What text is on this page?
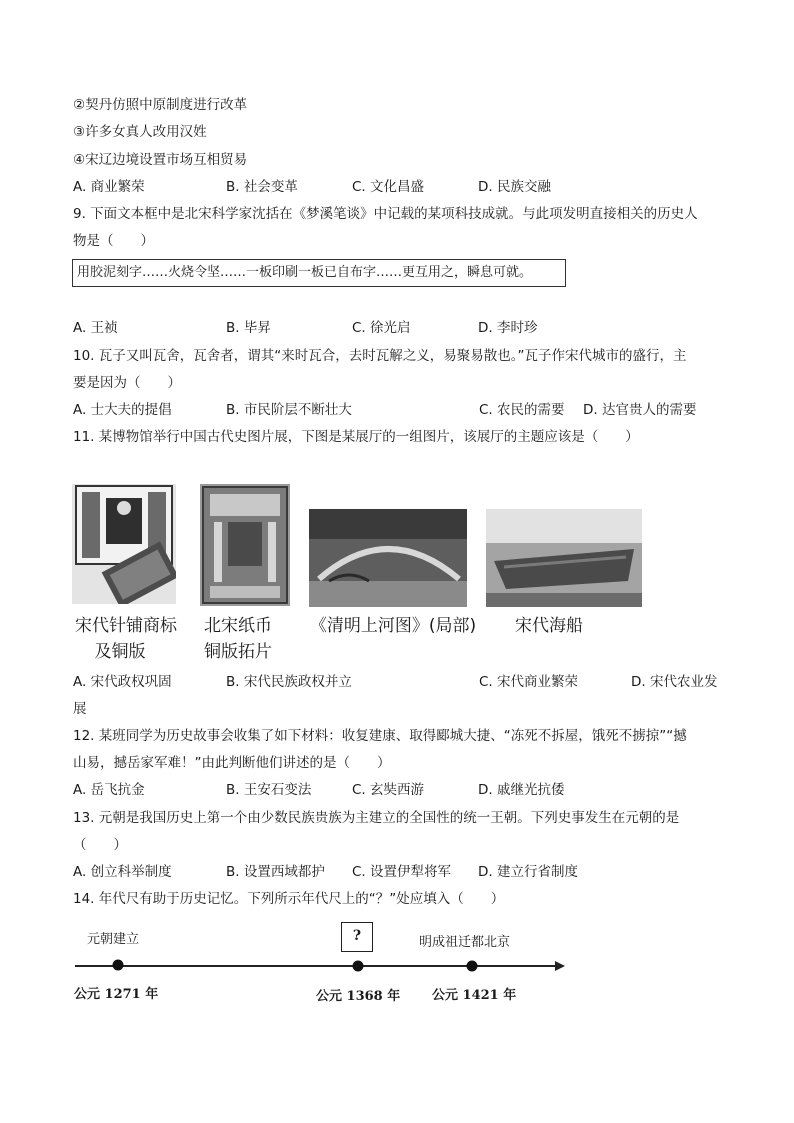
②契丹仿照中原制度进行改革
③许多女真人改用汉姓
④宋辽边境设置市场互相贸易
A. 商业繁荣	B. 社会变革	C. 文化昌盛	D. 民族交融
9. 下面文本框中是北宋科学家沈括在《梦溪笔谈》中记载的某项科技成就。与此项发明直接相关的历史人
物是（　　）
用胶泥刻字……火烧令坚……一板印刷一板已自布字……更互用之，瞬息可就。
A. 王祯	B. 毕昇	C. 徐光启	D. 李时珍
10. 瓦子又叫瓦舍，瓦舍者，谓其“来时瓦合，去时瓦解之义，易聚易散也。”瓦子作宋代城市的盛行，主
要是因为（　　）
A. 士大夫的提倡	B. 市民阶层不断壮大	C. 农民的需要 D. 达官贵人的需要
11. 某博物馆举行中国古代史图片展，下图是某展厅的一组图片，该展厅的主题应该是（　　）
宋代针铺商标
及铜版
北宋纸币
铜版拓片
《清明上河图》(局部)	宋代海船
A. 宋代政权巩固	B. 宋代民族政权并立	C. 宋代商业繁荣	D. 宋代农业发
展
12. 某班同学为历史故事会收集了如下材料：收复建康、取得郾城大捷、“冻死不拆屋，饿死不掳掠”“撼
山易，撼岳家军难！”由此判断他们讲述的是（　　）
A. 岳飞抗金	B. 王安石变法	C. 玄奘西游	D. 戚继光抗倭
13. 元朝是我国历史上第一个由少数民族贵族为主建立的全国性的统一王朝。下列史事发生在元朝的是
（　　）
A. 创立科举制度	B. 设置西域都护 C. 设置伊犁将军 D. 建立行省制度
14. 年代尺有助于历史记忆。下列所示年代尺上的“？”处应填入（　　）
元朝建立	?	明成祖迁都北京
公元 1271 年	公元 1368 年 公元 1421 年
